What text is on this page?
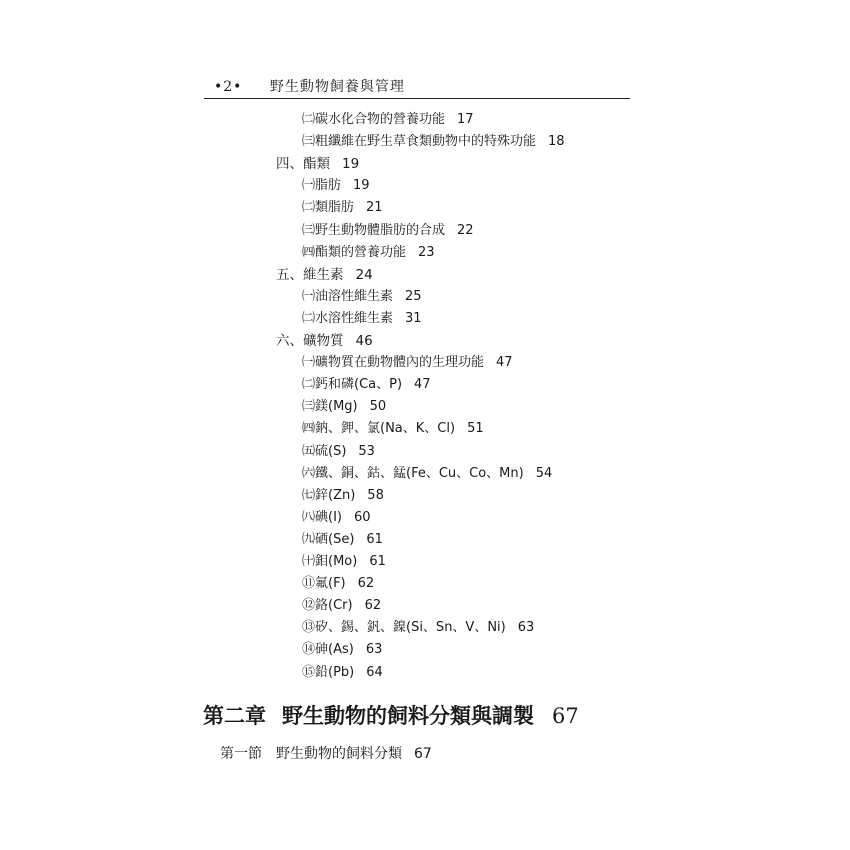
•2• 野生動物飼養與管理
㈡碳水化合物的營養功能 17
㈢粗纖維在野生草食類動物中的特殊功能 18
四、酯類 19
㈠脂肪 19
㈡類脂肪 21
㈢野生動物體脂肪的合成 22
㈣酯類的營養功能 23
五、維生素 24
㈠油溶性維生素 25
㈡水溶性維生素 31
六、礦物質 46
㈠礦物質在動物體內的生理功能 47
㈡鈣和磷(Ca、P) 47
㈢鎂(Mg) 50
㈣鈉、鉀、氯(Na、K、Cl) 51
㈤硫(S) 53
㈥鐵、銅、鈷、錳(Fe、Cu、Co、Mn) 54
㈦鋅(Zn) 58
㈧碘(I) 60
㈨硒(Se) 61
㈩鉬(Mo) 61
⑪氟(F) 62
⑫鉻(Cr) 62
⑬矽、錫、釩、鎳(Si、Sn、V、Ni) 63
⑭砷(As) 63
⑮鉛(Pb) 64
第二章 野生動物的飼料分類與調製 67
第一節 野生動物的飼料分類 67
